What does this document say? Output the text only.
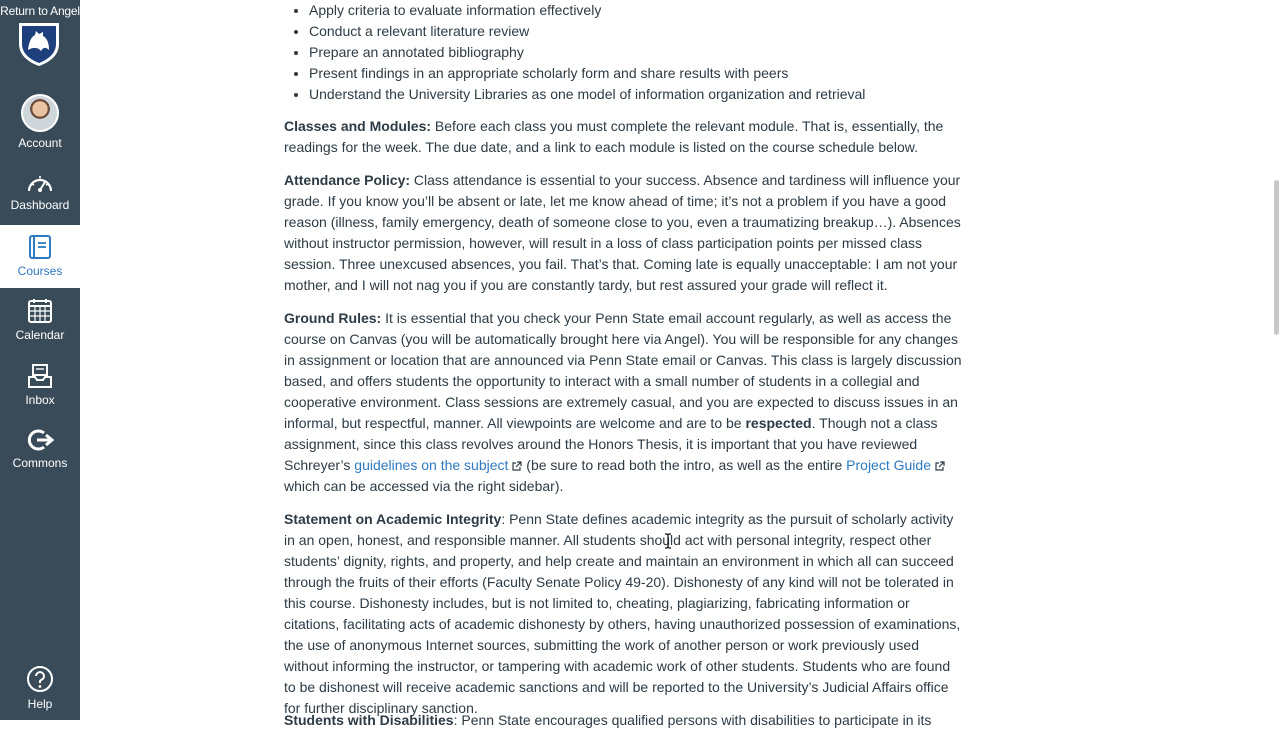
Return to Angel
Account
Dashboard
Courses
Calendar
Inbox
Commons
Help
• Apply criteria to evaluate information effectively
• Conduct a relevant literature review
• Prepare an annotated bibliography
• Present findings in an appropriate scholarly form and share results with peers
• Understand the University Libraries as one model of information organization and retrieval

Classes and Modules: Before each class you must complete the relevant module. That is, essentially, the readings for the week. The due date, and a link to each module is listed on the course schedule below.

Attendance Policy: Class attendance is essential to your success. Absence and tardiness will influence your grade. If you know you’ll be absent or late, let me know ahead of time; it’s not a problem if you have a good reason (illness, family emergency, death of someone close to you, even a traumatizing breakup…). Absences without instructor permission, however, will result in a loss of class participation points per missed class session. Three unexcused absences, you fail. That’s that. Coming late is equally unacceptable: I am not your mother, and I will not nag you if you are constantly tardy, but rest assured your grade will reflect it.

Ground Rules: It is essential that you check your Penn State email account regularly, as well as access the course on Canvas (you will be automatically brought here via Angel). You will be responsible for any changes in assignment or location that are announced via Penn State email or Canvas. This class is largely discussion based, and offers students the opportunity to interact with a small number of students in a collegial and cooperative environment. Class sessions are extremely casual, and you are expected to discuss issues in an informal, but respectful, manner. All viewpoints are welcome and are to be respected. Though not a class assignment, since this class revolves around the Honors Thesis, it is important that you have reviewed Schreyer’s guidelines on the subject (be sure to read both the intro, as well as the entire Project Guide which can be accessed via the right sidebar).

Statement on Academic Integrity: Penn State defines academic integrity as the pursuit of scholarly activity in an open, honest, and responsible manner. All students should act with personal integrity, respect other students’ dignity, rights, and property, and help create and maintain an environment in which all can succeed through the fruits of their efforts (Faculty Senate Policy 49-20). Dishonesty of any kind will not be tolerated in this course. Dishonesty includes, but is not limited to, cheating, plagiarizing, fabricating information or citations, facilitating acts of academic dishonesty by others, having unauthorized possession of examinations, the use of anonymous Internet sources, submitting the work of another person or work previously used without informing the instructor, or tampering with academic work of other students. Students who are found to be dishonest will receive academic sanctions and will be reported to the University’s Judicial Affairs office for further disciplinary sanction.

Students with Disabilities: Penn State encourages qualified persons with disabilities to participate in its
